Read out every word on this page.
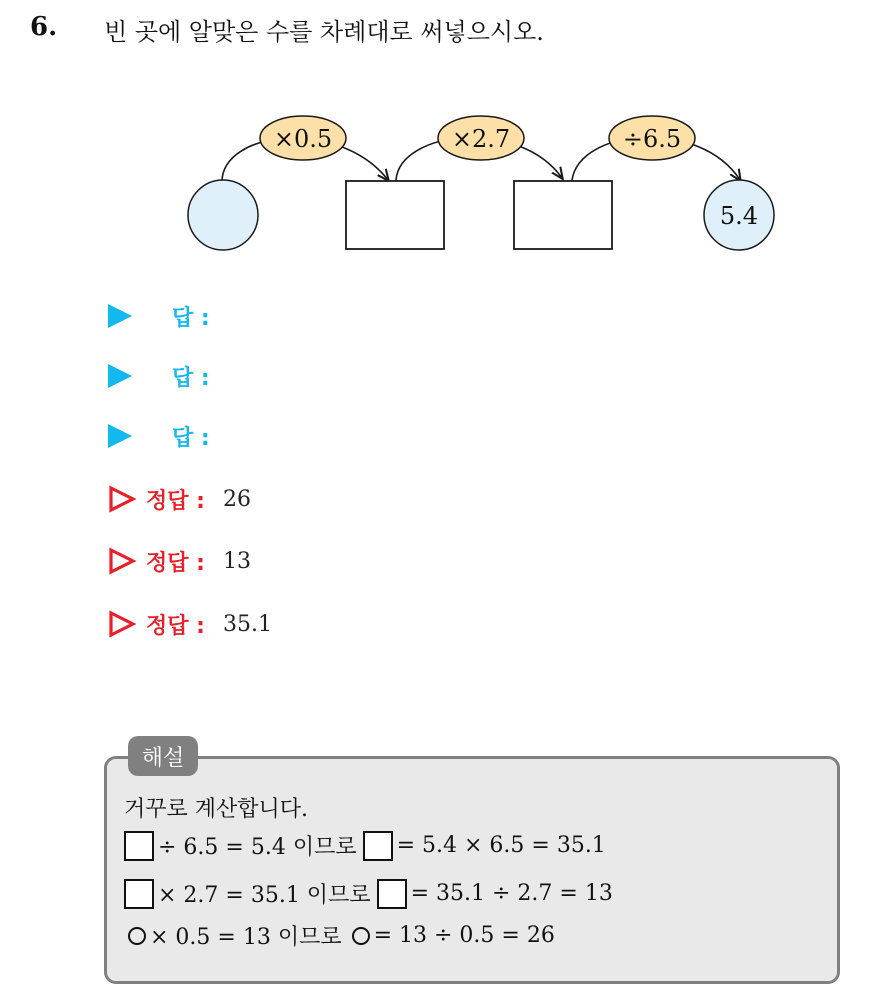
6. 빈 곳에 알맞은 수를 차례대로 써넣으시오.
×0.5	×2.7	÷6.5
5.4
답 :
답 :
답 :
정답 : 26
정답 : 13
정답 : 35.1
해설
거꾸로 계산합니다.
÷ 6.5 = 5.4 이므로 = 5.4 × 6.5 = 35.1
× 2.7 = 35.1 이므로 = 35.1 ÷ 2.7 = 13
× 0.5 = 13 이므로 = 13 ÷ 0.5 = 26
